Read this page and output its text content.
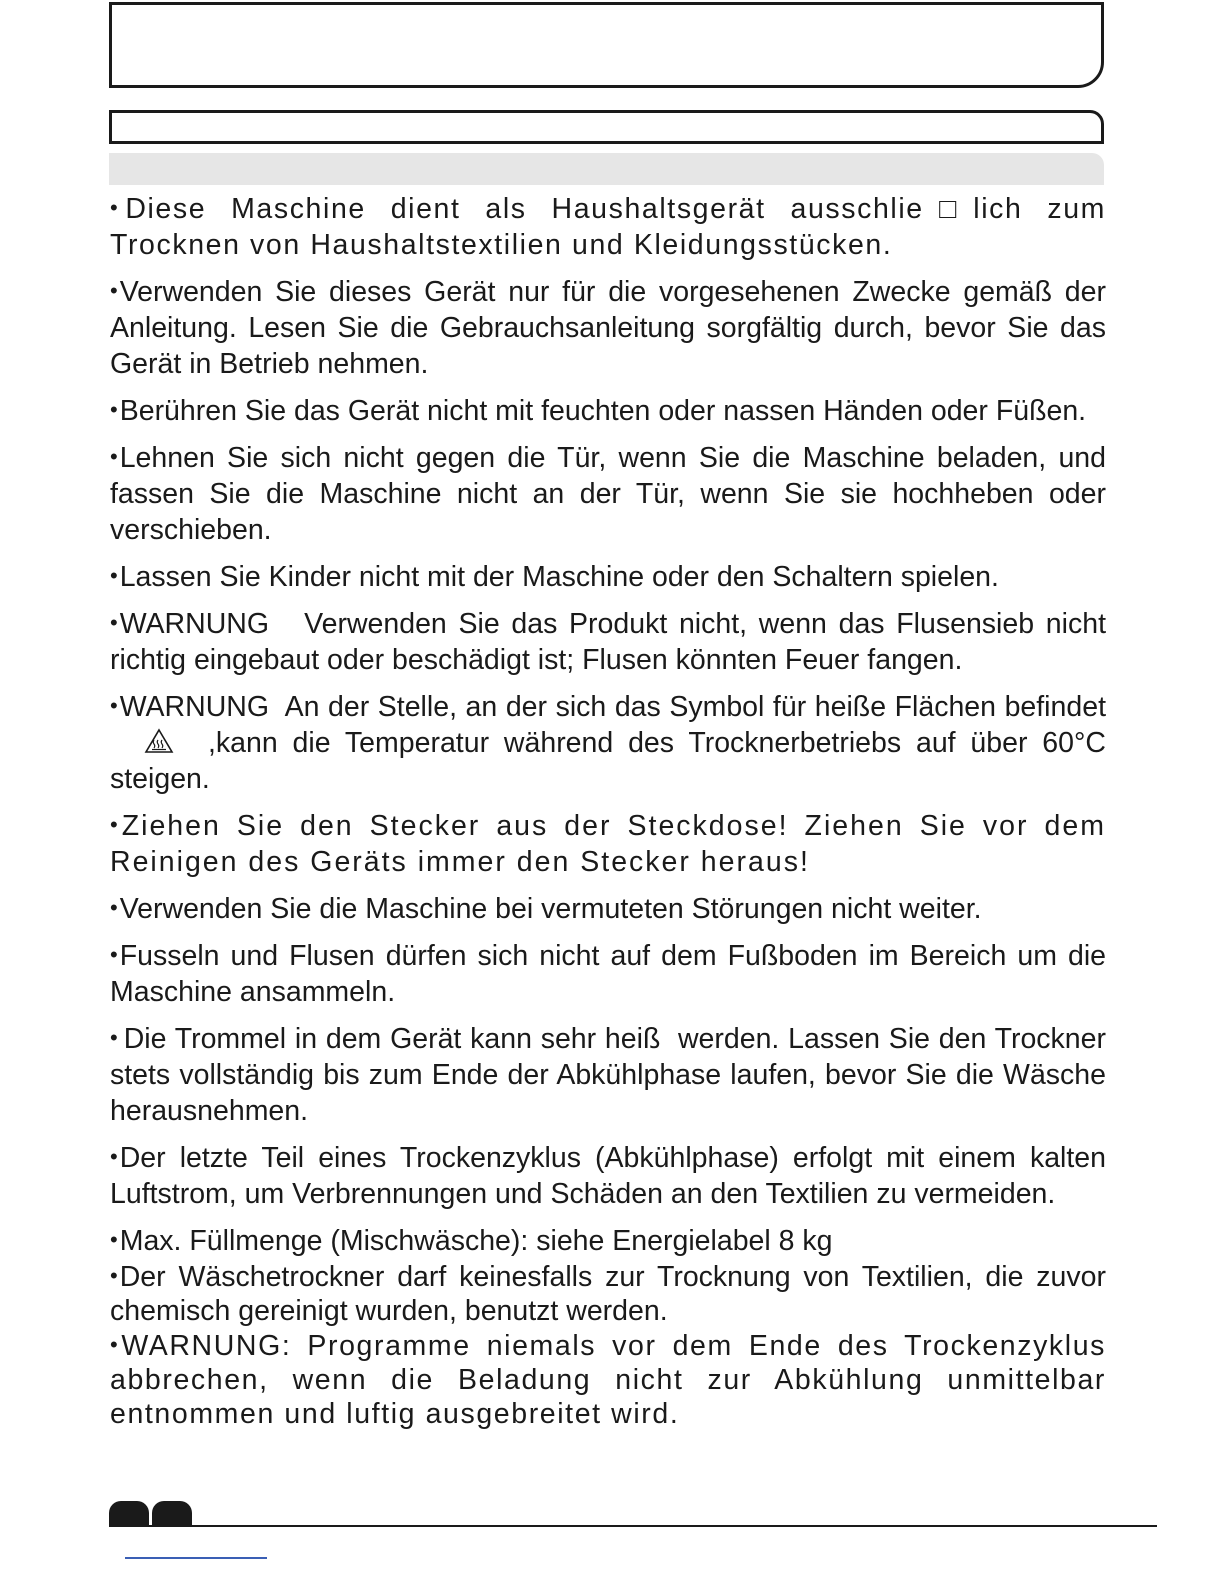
• Diese Maschine dient als Haushaltsgerät ausschlie□lich zum Trocknen von Haushaltstextilien und Kleidungsstücken.
•Verwenden Sie dieses Gerät nur für die vorgesehenen Zwecke gemäß der Anleitung. Lesen Sie die Gebrauchsanleitung sorgfältig durch, bevor Sie das Gerät in Betrieb nehmen.
•Berühren Sie das Gerät nicht mit feuchten oder nassen Händen oder Füßen.
•Lehnen Sie sich nicht gegen die Tür, wenn Sie die Maschine beladen, und fassen Sie die Maschine nicht an der Tür, wenn Sie sie hochheben oder verschieben.
•Lassen Sie Kinder nicht mit der Maschine oder den Schaltern spielen.
•WARNUNG   Verwenden Sie das Produkt nicht, wenn das Flusensieb nicht richtig eingebaut oder beschädigt ist; Flusen könnten Feuer fangen.
•WARNUNG  An der Stelle, an der sich das Symbol für heiße Flächen befindet,kann die Temperatur während des Trocknerbetriebs auf über 60°C steigen.
•Ziehen Sie den Stecker aus der Steckdose! Ziehen Sie vor dem Reinigen des Geräts immer den Stecker heraus!
•Verwenden Sie die Maschine bei vermuteten Störungen nicht weiter.
•Fusseln und Flusen dürfen sich nicht auf dem Fußboden im Bereich um die Maschine ansammeln.
• Die Trommel in dem Gerät kann sehr heiß  werden. Lassen Sie den Trockner stets vollständig bis zum Ende der Abkühlphase laufen, bevor Sie die Wäsche herausnehmen.
•Der letzte Teil eines Trockenzyklus (Abkühlphase) erfolgt mit einem kalten Luftstrom, um Verbrennungen und Schäden an den Textilien zu vermeiden.
•Max. Füllmenge (Mischwäsche): siehe Energielabel 8 kg
•Der Wäschetrockner darf keinesfalls zur Trocknung von Textilien, die zuvor chemisch gereinigt wurden, benutzt werden.
•WARNUNG: Programme niemals vor dem Ende des Trockenzyklus abbrechen, wenn die Beladung nicht zur Abkühlung unmittelbar entnommen und luftig ausgebreitet wird.
